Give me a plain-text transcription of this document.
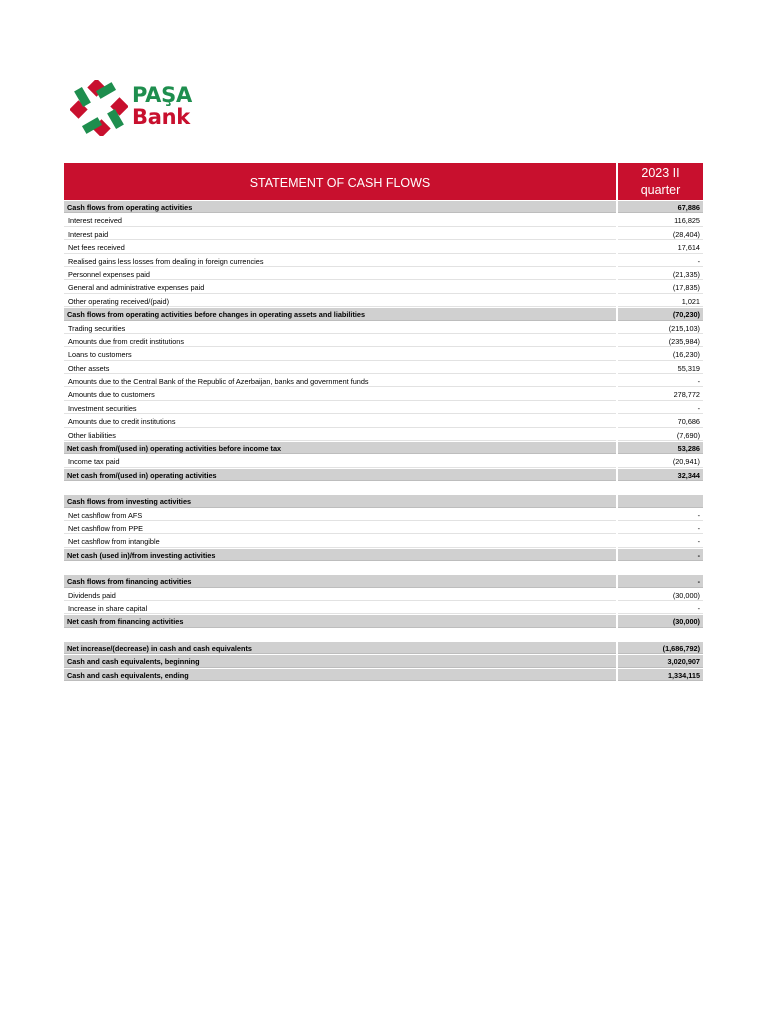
PAŞA
Bank
STATEMENT OF CASH FLOWS
2023 II
quarter
Cash flows from operating activities	67,886
Interest received	116,825
Interest paid	(28,404)
Net fees received	17,614
Realised gains less losses from dealing in foreign currencies	-
Personnel expenses paid	(21,335)
General and administrative expenses paid	(17,835)
Other operating received/(paid)	1,021
Cash flows from operating activities before changes in operating assets and liabilities	(70,230)
Trading securities	(215,103)
Amounts due from credit institutions	(235,984)
Loans to customers	(16,230)
Other assets	55,319
Amounts due to the Central Bank of the Republic of Azerbaijan, banks and government funds	-
Amounts due to customers	278,772
Investment securities	-
Amounts due to credit institutions	70,686
Other liabilities	(7,690)
Net cash from/(used in) operating activities before income tax	53,286
Income tax paid	(20,941)
Net cash from/(used in) operating activities	32,344
Cash flows from investing activities
Net cashflow from AFS	-
Net cashflow from PPE	-
Net cashflow from intangible	-
Net cash (used in)/from investing activities	-
Cash flows from financing activities	-
Dividends paid	(30,000)
Increase in share capital	-
Net cash from financing activities	(30,000)
Net increase/(decrease) in cash and cash equivalents	(1,686,792)
Cash and cash equivalents, beginning	3,020,907
Cash and cash equivalents, ending	1,334,115
